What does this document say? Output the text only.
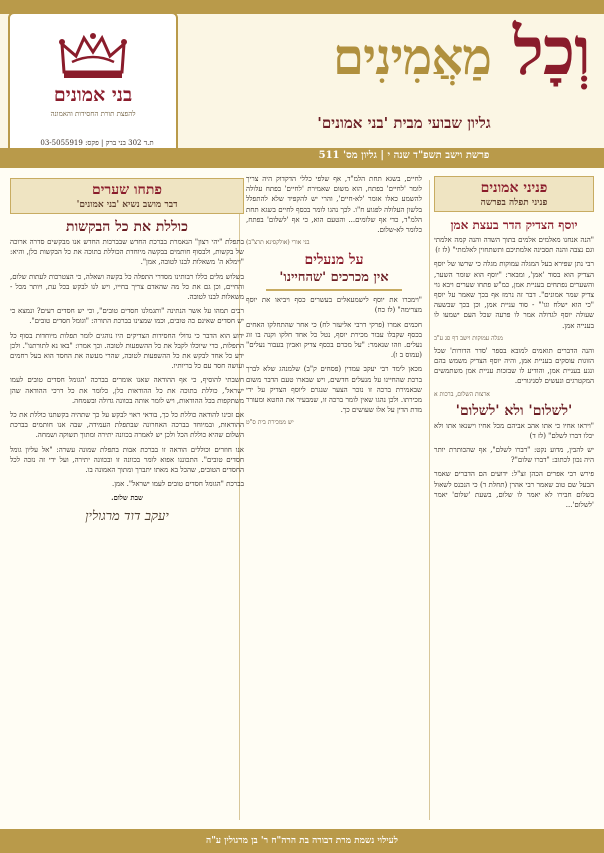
בני אמונים
להפצת תורת החסידות והאמונה
ת.ד 302 בני ברק | פקס: 03-5055919
וְכָל מַאֲמִינִים
גליון שבועי מבית 'בני אמונים'
פרשת וישב תשפ"ד שנה י | גליון מס' 511
פניני אמונים
פניני תפלה בפרשה
יוסף הצדיק הדר בעצת אמן

"הנה אנחנו מאלמים אלמים בתוך השדה והנה קמה אלמתי וגם נצבה והנה תסבינה אלמתיכם ותשתחוין לאלמתי" (לז ז)

רבי נתן שפירא בעל המגלה עמוקות מגלה כי שרשו של יוסף הצדיק הוא בסוד 'אמן', ומבאר: "יוסף הוא שומר השער, והשערים נפתחים בעניית אמן, כמ"ש פתחו שערים ויבא גוי צדיק שמר אמונים". דבר זה נרמז אף בכך שאמר על יוסף "כי הוא ישלח וגו'" - סוד עניית אמן, וכן בכך שבשעה שעולה יוסף לגדולה אמר לו פרעה שכל העם ישמעו לו בענייה אמן.

מגלה עמוקות וישב דף סג ע"ב

והנה הדברים תואמים למובא בספר 'סדר הדורות' שכל הזוגות עוסקים בעניית אמן, והיה יוסף הצדיק משמש בהם ונגע בעניית אמן, והודיע לו שבזכות עניית אמן משתמשים המקטרגים ונעשים לסניגורים.

ארצות השלום, ברכות א
'לשלום' ולא 'לשלום'

"ויראו אחיו כי אתו אהב אביהם מכל אחיו וישנאו אתו ולא יכלו דברו לשלם" (לז ד)

יש להבין, מדוע נקט: "דברו לשלם", אף שהכותרת יותר היה נכון לכתוב: "דברו שלום"?

פירש רבי אפרים הכהן זצ"ל: ידועים הם הדברים שאמר הבעל שם טוב שאמר רבי אהרן (תחלת ד) כי הנכנס לשאול בשלום חבירו לא יאמר לו שלום, בשעת 'שלום' יאמר 'לשלום'...

לחיים, בשגא תחת הלמ"ד, אף שלפי כללי הדקדוק היה צריך לומר 'לחיים' בפתח, הוא משום שאמירת 'לחיים' בפתח עלולה להשמע כאלו אומר 'לא-חיים', והרי יש להקפיד שלא להתפלל בלשון העלולה לפגוע ח"ו. לכך נהגו לומר בכסף לחיים בשגא תחת הלמ"ד, כדי אף שלומים... והטעם הוא, כי אף 'לשלום' בפתח, כלומר לא-שלום.

בני אורי (אולקסינא תרצ"ב)
על מנעלים
אין מכרכים 'שהחיינו'

"וימכרו את יוסף לישמעאלים בעשרים כסף ויביאו את יוסף מצרימה" (לז כח)

חכמים אמרו (פרקי דרבי אליעזר לח) כי אחר שהתחלקו האחים בכסף שקבלו עבור מכירת יוסף, נטל כל אחד חלקו וקנה בו זוג נעלים. וזהו שנאמר: "על מכרם בכסף צדיק ואביון בעבור נעלים" (עמוס ב ו).

מכאן לימד רבי יעקב עמדין (פסחים ק"ב) שלמנהג שלא לברך ברכת שהחיינו על מנעלים חדשים, ויש שבארו טעם הדבר משום שבאמירת ברכה זו נזכר הצער שנגרם ליוסף הצדיק על ידי מכירתו. ולכן נהגו שאין לומר ברכה זו, שמבעיר את החטא ומעורר מדת הדין על אלו שעושים כך.

יש ממכירת בית ס"ט
פתחו שערים
דבר מושב נשיא 'בני אמונים'
כוללת את כל הבקשות

בתפלת "יהי רצון" הנאמרת בברכת החדש שבברכות החדש אנו מבקשים סדרה ארוכה של בקשות, ולבסוף חותמים בבקשה מיוחדת הכוללת בתוכה את כל הבקשות כלן, והיא: "וימלא ה' משאלות לבנו לטובה, אמן".

בשלוש מלים כללו רבותינו מסדרי התפלה כל בקשה ושאלה, כי הצטרכות לעתות שלום, והחיים, וכן גם את כל מה שהאדם צריך בחייו, ויש לנו לבקש בכל עת, ויותר מכל - משאלות לבנו לטובה.

רבים תמהו על אשר הנתינה "ותגמלנו חסדים טובים", וכי יש חסדים רעים? ונמצא כי יש חסדים שאינם כה טובים, וכמו שמצינו בברכת התורה: "וגומל חסדים טובים".

ידוע הוא הדבר כי גדולי החסידות הצדיקים היו נוהגים לומר תפלות מיוחדות בסוף כל התפלות, כדי שיוכלו לקבל את כל ההשפעות לטובה. וכך אמרו: "באו נא לתורתנו". ולכן ידע כל אחד לבקש את כל ההשפעות לטובה, שהרי מעשה את החסד הוא בעל רחמים ועושה חסד עם כל בריותיו.

חשבתי להוסיף, כי אף ההודאה שאנו אומרים בברכה 'הגומל חסדים טובים לעמו ישראל', כוללת בתוכה את כל ההודאות כלן, כלומר את כל דרכי ההודאה שהן משתקפות בכל ההודאות, ויש לומר אותה בכוונה גדולה ובשמחה.

אם זכינו להודאה כוללת כל כך, בודאי ראוי לבקש על כך שתהיה בקשתנו כוללת את כל ההודאות, ובמיוחד בברכה האחרונה שבתפלת העמידה, שבה אנו חותמים בברכת השלום שהיא כוללת הכל ולכן יש לאמרה בכוונה יתירה ומתוך תשוקה ושמחה.

אנו חוזרים וכוללים הודאה זו בברכת אבות בתפלת שמונה עשרה: "אל עליון גומל חסדים טובים". התכוננו אפוא לומר בכוונה זו ובכוונה יתירה, ועל ידי זה נזכה לכל החסדים הטובים, שהכל בא מאתו יתברך ומתוך האמונה בו.

בברכת "הגומל חסדים טובים לעמו ישראל". אמן.

שבת שלום.

יעקב דוד מרגולין
לעילוי נשמת מרת דבורה בת הרה"ח ר' בן מרגולין ע"ה
